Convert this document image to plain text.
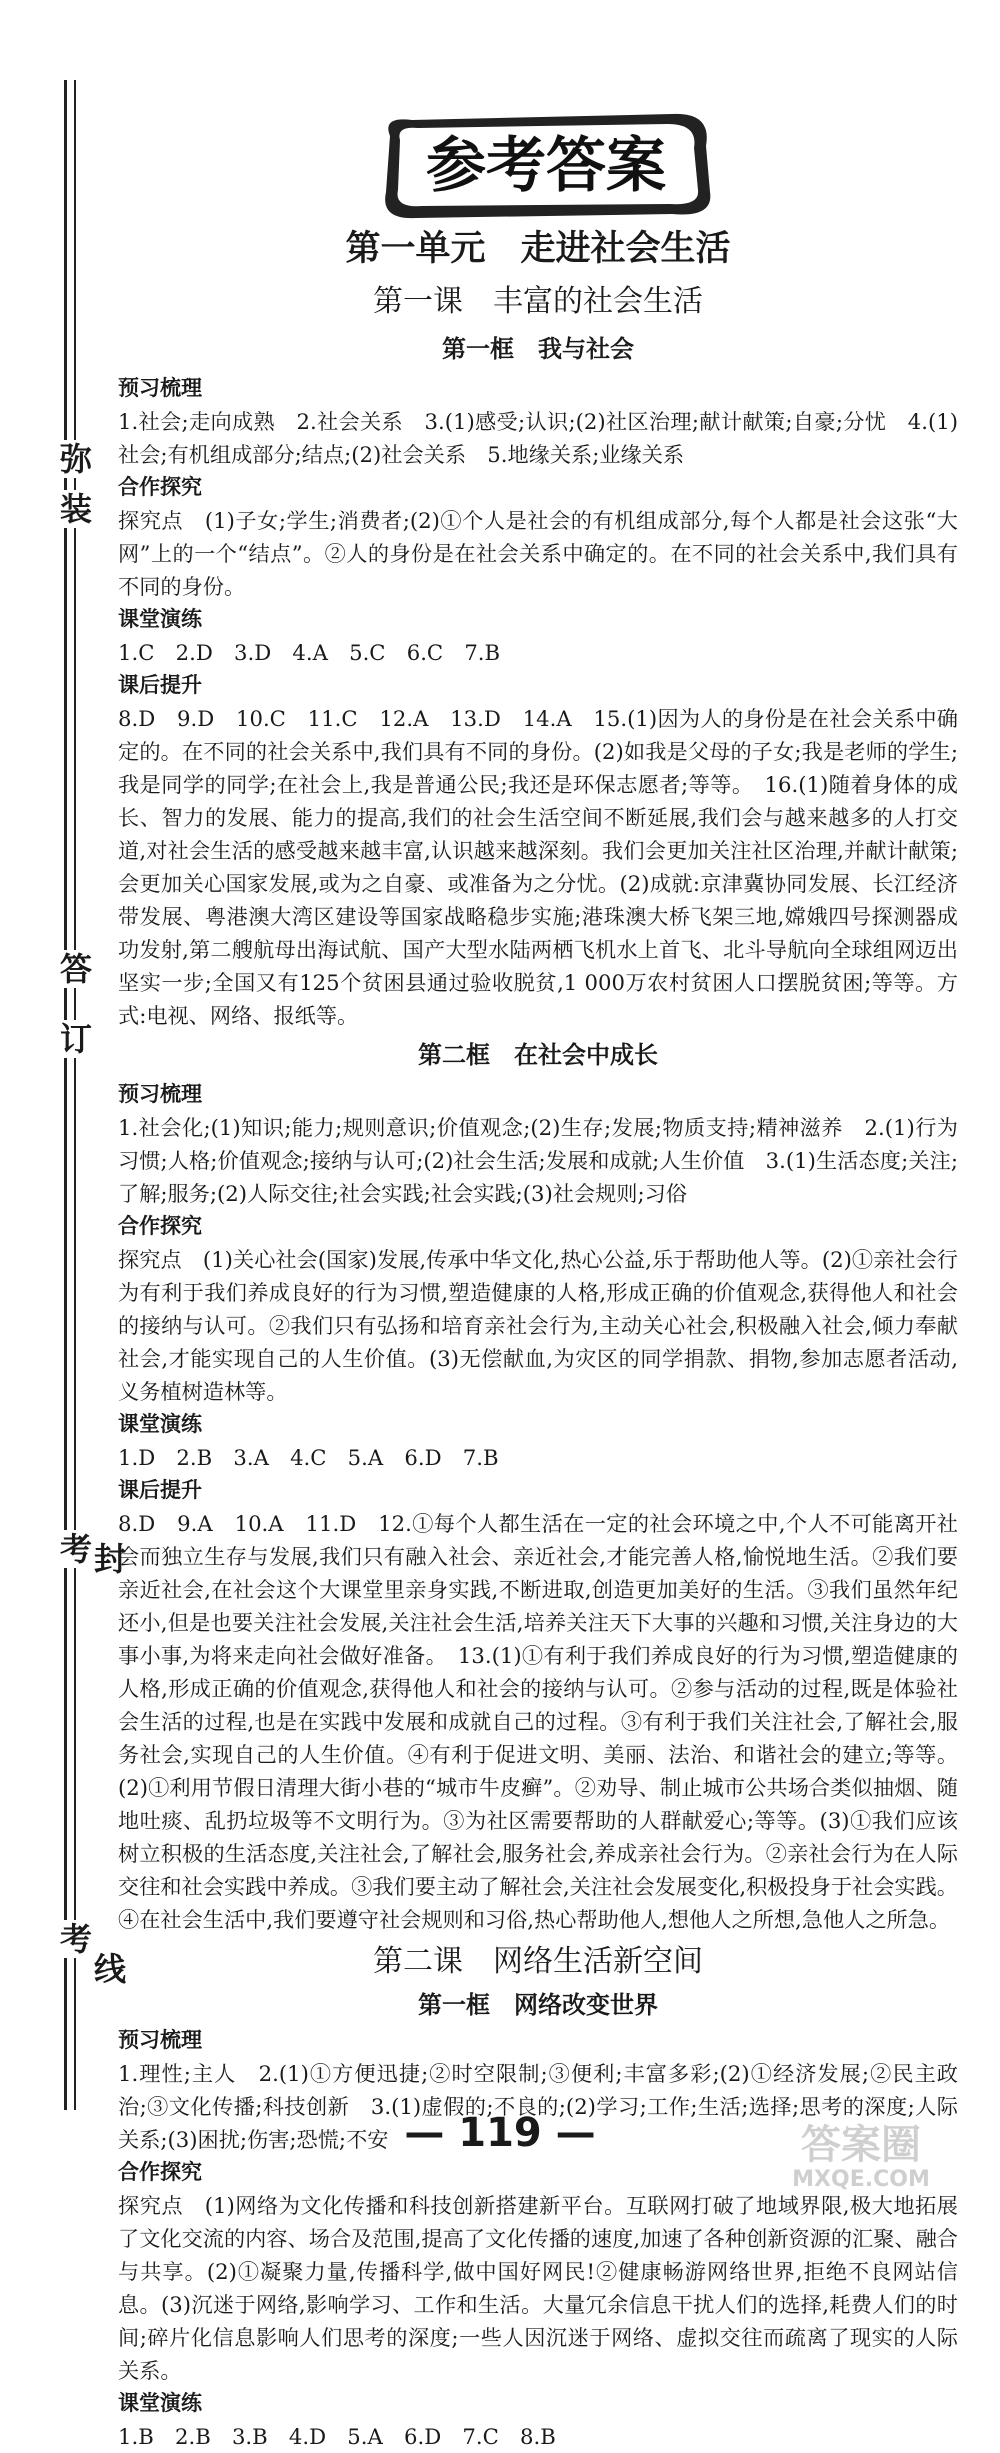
弥
装
答
订
考 封
考
线
参考答案
第一单元　走进社会生活
第一课　丰富的社会生活
第一框　我与社会
预习梳理

1.社会;走向成熟　2.社会关系　3.(1)感受;认识;(2)社区治理;献计献策;自豪;分忧　4.(1)社会;有机组成部分;结点;(2)社会关系　5.地缘关系;业缘关系

合作探究

探究点　(1)子女;学生;消费者;(2)①个人是社会的有机组成部分,每个人都是社会这张“大网”上的一个“结点”。②人的身份是在社会关系中确定的。在不同的社会关系中,我们具有不同的身份。

课堂演练

1.C　2.D　3.D　4.A　5.C　6.C　7.B

课后提升

8.D　9.D　10.C　11.C　12.A　13.D　14.A　15.(1)因为人的身份是在社会关系中确定的。在不同的社会关系中,我们具有不同的身份。(2)如我是父母的子女;我是老师的学生;我是同学的同学;在社会上,我是普通公民;我还是环保志愿者;等等。　16.(1)随着身体的成长、智力的发展、能力的提高,我们的社会生活空间不断延展,我们会与越来越多的人打交道,对社会生活的感受越来越丰富,认识越来越深刻。我们会更加关注社区治理,并献计献策;会更加关心国家发展,或为之自豪、或准备为之分忧。(2)成就:京津冀协同发展、长江经济带发展、粤港澳大湾区建设等国家战略稳步实施;港珠澳大桥飞架三地,嫦娥四号探测器成功发射,第二艘航母出海试航、国产大型水陆两栖飞机水上首飞、北斗导航向全球组网迈出坚实一步;全国又有125个贫困县通过验收脱贫,1 000万农村贫困人口摆脱贫困;等等。方式:电视、网络、报纸等。

第二框　在社会中成长
预习梳理

1.社会化;(1)知识;能力;规则意识;价值观念;(2)生存;发展;物质支持;精神滋养　2.(1)行为习惯;人格;价值观念;接纳与认可;(2)社会生活;发展和成就;人生价值　3.(1)生活态度;关注;了解;服务;(2)人际交往;社会实践;社会实践;(3)社会规则;习俗

合作探究

探究点　(1)关心社会(国家)发展,传承中华文化,热心公益,乐于帮助他人等。(2)①亲社会行为有利于我们养成良好的行为习惯,塑造健康的人格,形成正确的价值观念,获得他人和社会的接纳与认可。②我们只有弘扬和培育亲社会行为,主动关心社会,积极融入社会,倾力奉献社会,才能实现自己的人生价值。(3)无偿献血,为灾区的同学捐款、捐物,参加志愿者活动,义务植树造林等。

课堂演练

1.D　2.B　3.A　4.C　5.A　6.D　7.B

课后提升

8.D　9.A　10.A　11.D　12.①每个人都生活在一定的社会环境之中,个人不可能离开社会而独立生存与发展,我们只有融入社会、亲近社会,才能完善人格,愉悦地生活。②我们要亲近社会,在社会这个大课堂里亲身实践,不断进取,创造更加美好的生活。③我们虽然年纪还小,但是也要关注社会发展,关注社会生活,培养关注天下大事的兴趣和习惯,关注身边的大事小事,为将来走向社会做好准备。　13.(1)①有利于我们养成良好的行为习惯,塑造健康的人格,形成正确的价值观念,获得他人和社会的接纳与认可。②参与活动的过程,既是体验社会生活的过程,也是在实践中发展和成就自己的过程。③有利于我们关注社会,了解社会,服务社会,实现自己的人生价值。④有利于促进文明、美丽、法治、和谐社会的建立;等等。(2)①利用节假日清理大街小巷的“城市牛皮癣”。②劝导、制止城市公共场合类似抽烟、随地吐痰、乱扔垃圾等不文明行为。③为社区需要帮助的人群献爱心;等等。(3)①我们应该树立积极的生活态度,关注社会,了解社会,服务社会,养成亲社会行为。②亲社会行为在人际交往和社会实践中养成。③我们要主动了解社会,关注社会发展变化,积极投身于社会实践。④在社会生活中,我们要遵守社会规则和习俗,热心帮助他人,想他人之所想,急他人之所急。

第二课　网络生活新空间
第一框　网络改变世界
预习梳理

1.理性;主人　2.(1)①方便迅捷;②时空限制;③便利;丰富多彩;(2)①经济发展;②民主政治;③文化传播;科技创新　3.(1)虚假的;不良的;(2)学习;工作;生活;选择;思考的深度;人际关系;(3)困扰;伤害;恐慌;不安

合作探究

探究点　(1)网络为文化传播和科技创新搭建新平台。互联网打破了地域界限,极大地拓展了文化交流的内容、场合及范围,提高了文化传播的速度,加速了各种创新资源的汇聚、融合与共享。(2)①凝聚力量,传播科学,做中国好网民!②健康畅游网络世界,拒绝不良网站信息。(3)沉迷于网络,影响学习、工作和生活。大量冗余信息干扰人们的选择,耗费人们的时间;碎片化信息影响人们思考的深度;一些人因沉迷于网络、虚拟交往而疏离了现实的人际关系。

课堂演练

1.B　2.B　3.B　4.D　5.A　6.D　7.C　8.B

— 119 —	答案圈
MXQE.COM
